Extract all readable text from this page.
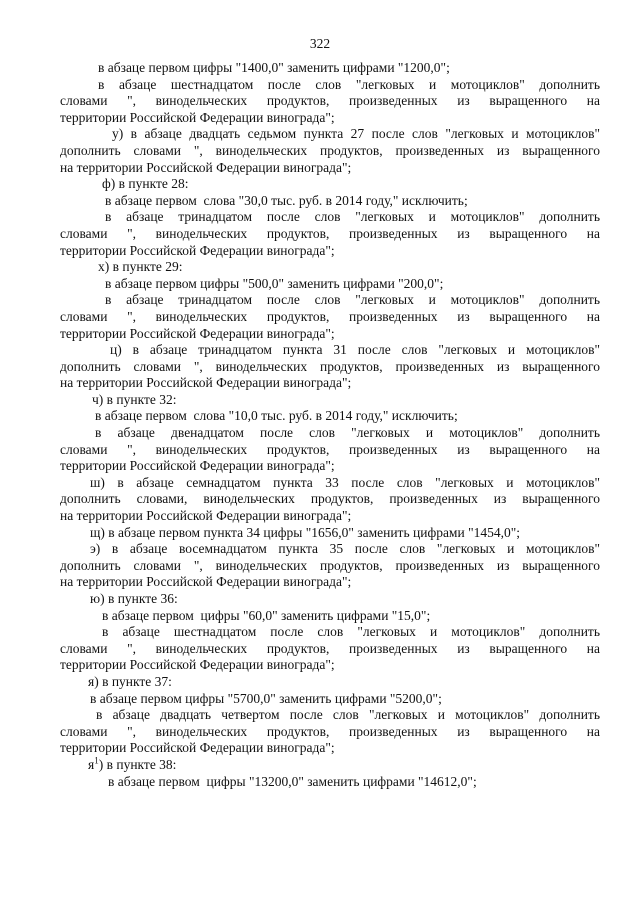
322
в абзаце первом цифры "1400,0" заменить цифрами "1200,0";
в абзаце шестнадцатом после слов "легковых и мотоциклов" дополнить
словами ", винодельческих продуктов, произведенных из выращенного на
территории Российской Федерации винограда";
у) в абзаце двадцать седьмом пункта 27 после слов "легковых и мотоциклов"
дополнить словами ", винодельческих продуктов, произведенных из выращенного
на территории Российской Федерации винограда";
ф) в пункте 28:
в абзаце первом  слова "30,0 тыс. руб. в 2014 году," исключить;
в абзаце тринадцатом после слов "легковых и мотоциклов" дополнить
словами ", винодельческих продуктов, произведенных из выращенного на
территории Российской Федерации винограда";
х) в пункте 29:
в абзаце первом цифры "500,0" заменить цифрами "200,0";
в абзаце тринадцатом после слов "легковых и мотоциклов" дополнить
словами ", винодельческих продуктов, произведенных из выращенного на
территории Российской Федерации винограда";
ц) в абзаце тринадцатом пункта 31 после слов "легковых и мотоциклов"
дополнить словами ", винодельческих продуктов, произведенных из выращенного
на территории Российской Федерации винограда";
ч) в пункте 32:
в абзаце первом  слова "10,0 тыс. руб. в 2014 году," исключить;
в абзаце двенадцатом после слов "легковых и мотоциклов" дополнить
словами ", винодельческих продуктов, произведенных из выращенного на
территории Российской Федерации винограда";
ш) в абзаце семнадцатом пункта 33 после слов "легковых и мотоциклов"
дополнить словами, винодельческих продуктов, произведенных из выращенного
на территории Российской Федерации винограда";
щ) в абзаце первом пункта 34 цифры "1656,0" заменить цифрами "1454,0";
э) в абзаце восемнадцатом пункта 35 после слов "легковых и мотоциклов"
дополнить словами ", винодельческих продуктов, произведенных из выращенного
на территории Российской Федерации винограда";
ю) в пункте 36:
в абзаце первом  цифры "60,0" заменить цифрами "15,0";
в абзаце шестнадцатом после слов "легковых и мотоциклов" дополнить
словами ", винодельческих продуктов, произведенных из выращенного на
территории Российской Федерации винограда";
я) в пункте 37:
в абзаце первом цифры "5700,0" заменить цифрами "5200,0";
в абзаце двадцать четвертом после слов "легковых и мотоциклов" дополнить
словами ", винодельческих продуктов, произведенных из выращенного на
территории Российской Федерации винограда";
$я^1$) в пункте 38:
в абзаце первом  цифры "13200,0" заменить цифрами "14612,0";
